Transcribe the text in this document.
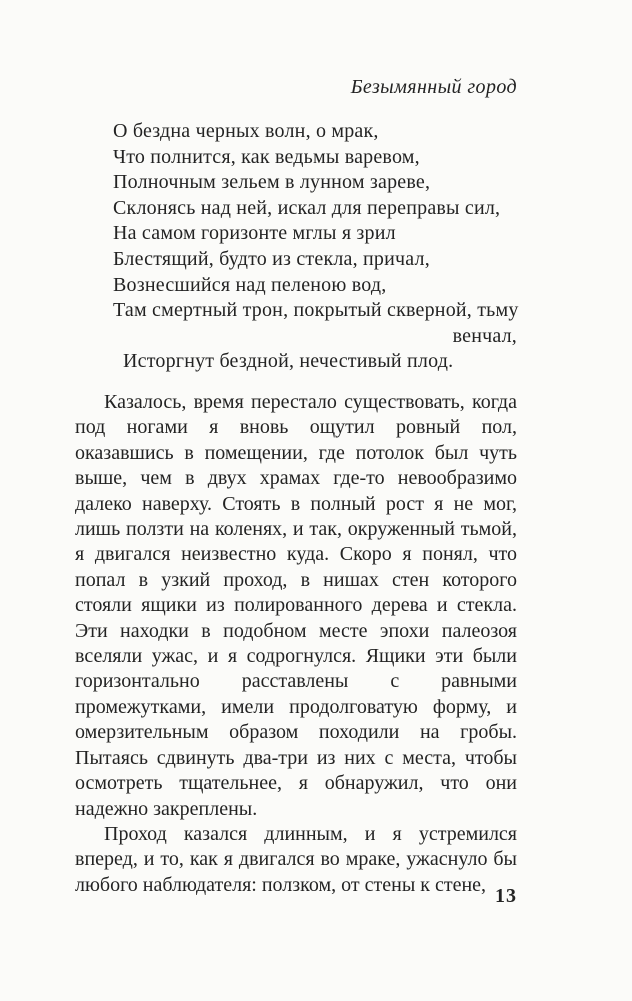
Безымянный город
О бездна черных волн, о мрак,
Что полнится, как ведьмы варевом,
Полночным зельем в лунном зареве,
Склонясь над ней, искал для переправы сил,
На самом горизонте мглы я зрил
Блестящий, будто из стекла, причал,
Вознесшийся над пеленою вод,
Там смертный трон, покрытый скверной, тьму
венчал,
Исторгнут бездной, нечестивый плод.

Казалось, время перестало существовать, когда под ногами я вновь ощутил ровный пол, оказавшись в помещении, где потолок был чуть выше, чем в двух храмах где-то невообразимо далеко наверху. Стоять в полный рост я не мог, лишь ползти на коленях, и так, окруженный тьмой, я двигался неизвестно куда. Скоро я понял, что попал в узкий проход, в нишах стен которого стояли ящики из полированного дерева и стекла. Эти находки в подобном месте эпохи палеозоя вселяли ужас, и я содрогнулся. Ящики эти были горизонтально расставлены с равными промежутками, имели продолговатую форму, и омерзительным образом походили на гробы. Пытаясь сдвинуть два-три из них с места, чтобы осмотреть тщательнее, я обнаружил, что они надежно закреплены.

Проход казался длинным, и я устремился вперед, и то, как я двигался во мраке, ужаснуло бы любого наблюдателя: ползком, от стены к стене,

13
